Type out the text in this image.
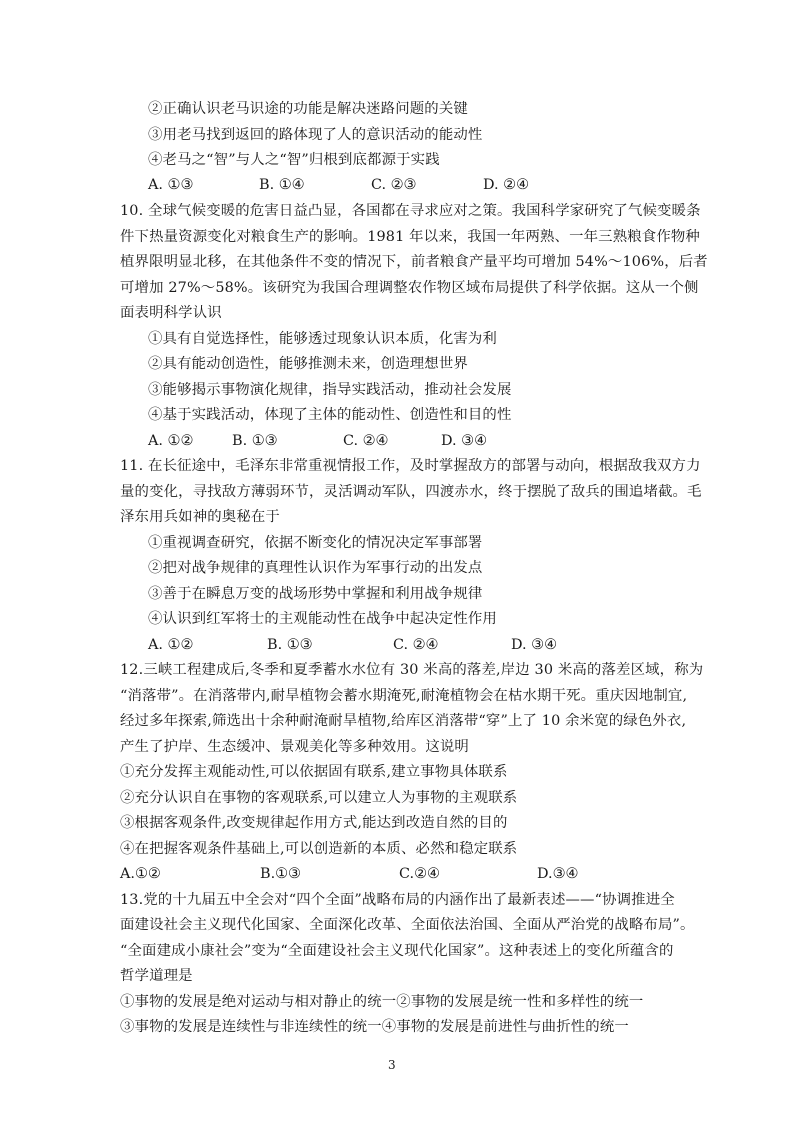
②正确认识老马识途的功能是解决迷路问题的关键
③用老马找到返回的路体现了人的意识活动的能动性
④老马之“智”与人之“智”归根到底都源于实践
A. ①③	B. ①④	C. ②③	D. ②④
10. 全球气候变暖的危害日益凸显，各国都在寻求应对之策。我国科学家研究了气候变暖条
件下热量资源变化对粮食生产的影响。1981 年以来，我国一年两熟、一年三熟粮食作物种
植界限明显北移，在其他条件不变的情况下，前者粮食产量平均可增加 54%～106%，后者
可增加 27%～58%。该研究为我国合理调整农作物区域布局提供了科学依据。这从一个侧
面表明科学认识
①具有自觉选择性，能够透过现象认识本质，化害为利
②具有能动创造性，能够推测未来，创造理想世界
③能够揭示事物演化规律，指导实践活动，推动社会发展
④基于实践活动，体现了主体的能动性、创造性和目的性
A. ①②	B. ①③	C. ②④	D. ③④
11. 在长征途中，毛泽东非常重视情报工作，及时掌握敌方的部署与动向，根据敌我双方力
量的变化，寻找敌方薄弱环节，灵活调动军队，四渡赤水，终于摆脱了敌兵的围追堵截。毛
泽东用兵如神的奥秘在于
①重视调查研究，依据不断变化的情况决定军事部署
②把对战争规律的真理性认识作为军事行动的出发点
③善于在瞬息万变的战场形势中掌握和利用战争规律
④认识到红军将士的主观能动性在战争中起决定性作用
A. ①②	B. ①③	C. ②④	D. ③④
12.三峡工程建成后,冬季和夏季蓄水水位有 30 米高的落差,岸边 30 米高的落差区域，称为
“消落带”。在消落带内,耐旱植物会蓄水期淹死,耐淹植物会在枯水期干死。重庆因地制宜,
经过多年探索,筛选出十余种耐淹耐旱植物,给库区消落带“穿”上了 10 余米宽的绿色外衣,
产生了护岸、生态缓冲、景观美化等多种效用。这说明
①充分发挥主观能动性,可以依据固有联系,建立事物具体联系
②充分认识自在事物的客观联系,可以建立人为事物的主观联系
③根据客观条件,改变规律起作用方式,能达到改造自然的目的
④在把握客观条件基础上,可以创造新的本质、必然和稳定联系
A.①②	B.①③	C.②④	D.③④
13.党的十九届五中全会对“四个全面”战略布局的内涵作出了最新表述——“协调推进全
面建设社会主义现代化国家、全面深化改革、全面依法治国、全面从严治党的战略布局”。
“全面建成小康社会”变为“全面建设社会主义现代化国家”。这种表述上的变化所蕴含的
哲学道理是
①事物的发展是绝对运动与相对静止的统一②事物的发展是统一性和多样性的统一
③事物的发展是连续性与非连续性的统一④事物的发展是前进性与曲折性的统一
3
